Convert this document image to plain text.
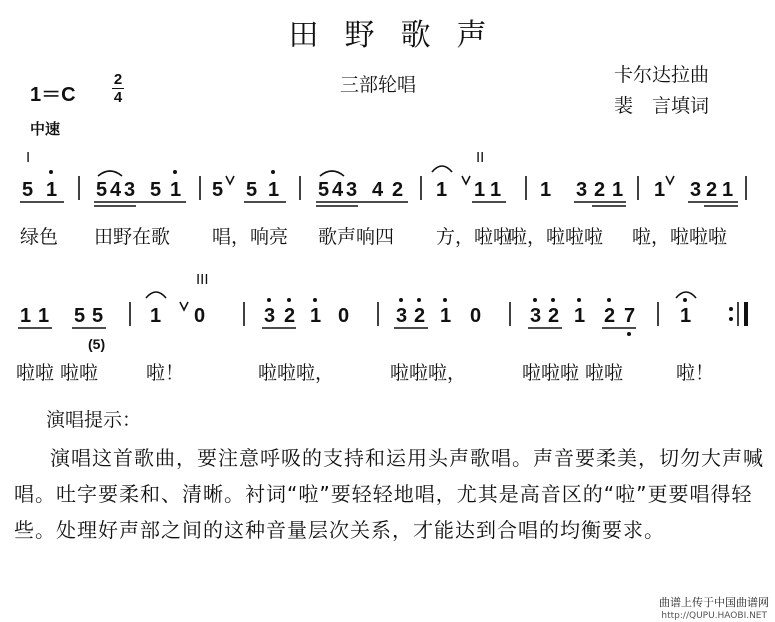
田野歌声
三部轮唱	卡尔达拉曲
裴　言填词
1＝C
2
4
中速
I	II
III
5 1 5 4 3 5 1 5 5 1 5 4 3 4 2 1 1 1 1 3 2 1 1 3 2 1
1 1 5 5 1 0	3 2 1 0 3 2 1 0 3 2 1 2 7 1
(5)
绿色 田野在歌 唱，响亮 歌声响四 方，啦啦
啦，啦啦啦 啦，啦啦啦
啦啦 啦啦	啦！	啦啦啦，	啦啦啦，	啦啦啦 啦啦	啦！
演唱提示：
演唱这首歌曲，要注意呼吸的支持和运用头声歌唱。声音要柔美，切勿大声喊唱。吐字要柔和、清晰。衬词“啦”要轻轻地唱，尤其是高音区的“啦”更要唱得轻些。处理好声部之间的这种音量层次关系，才能达到合唱的均衡要求。
曲谱上传于中国曲谱网
http://QUPU.HAOBI.NET
